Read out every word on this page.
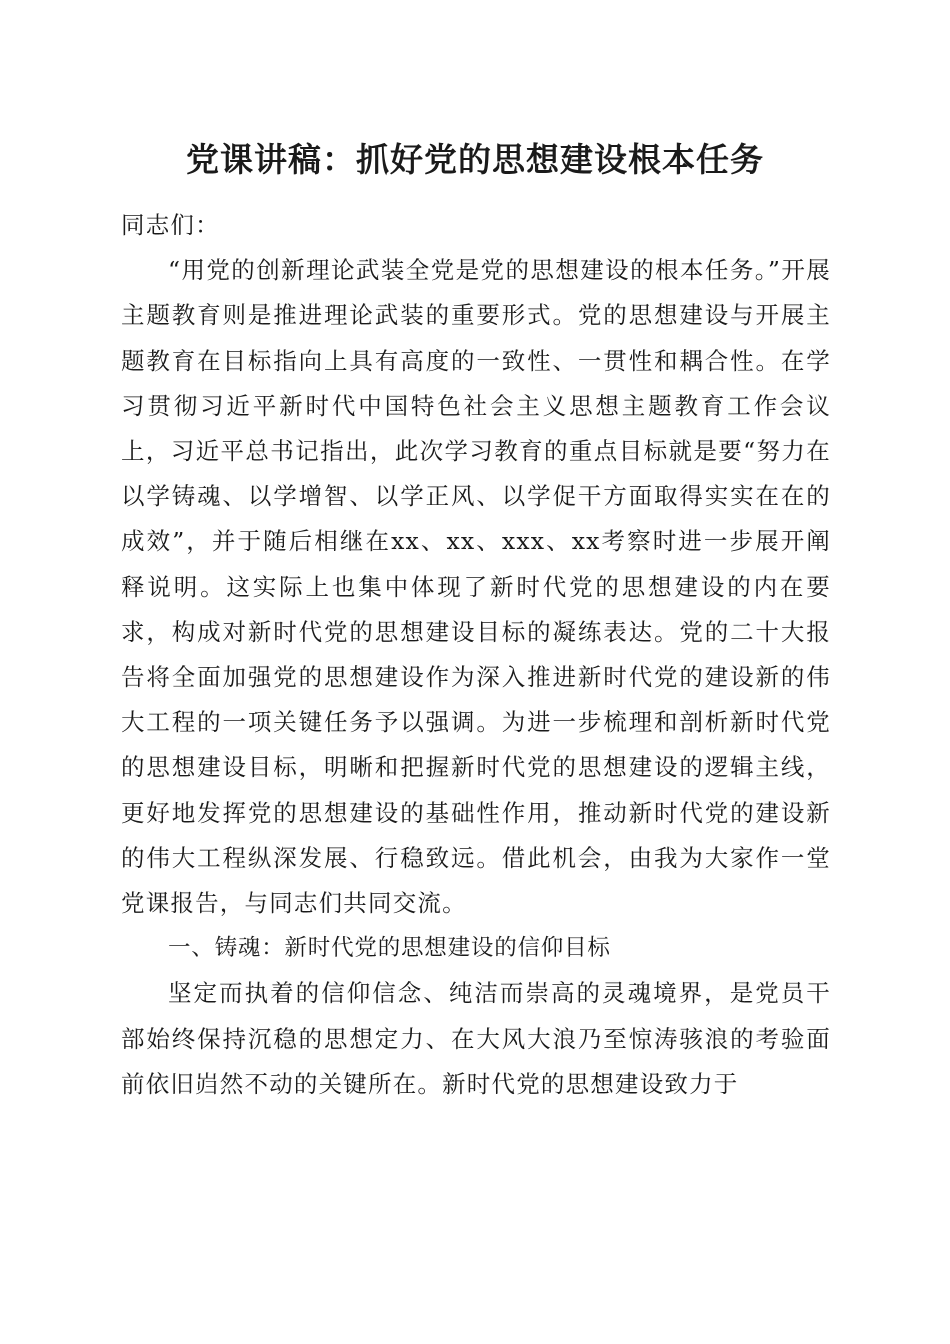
党课讲稿：抓好党的思想建设根本任务

同志们：

“用党的创新理论武装全党是党的思想建设的根本任务。”开展主题教育则是推进理论武装的重要形式。党的思想建设与开展主题教育在目标指向上具有高度的一致性、一贯性和耦合性。在学习贯彻习近平新时代中国特色社会主义思想主题教育工作会议上，习近平总书记指出，此次学习教育的重点目标就是要“努力在以学铸魂、以学增智、以学正风、以学促干方面取得实实在在的成效”，并于随后相继在xx、xx、xxx、xx考察时进一步展开阐释说明。这实际上也集中体现了新时代党的思想建设的内在要求，构成对新时代党的思想建设目标的凝练表达。党的二十大报告将全面加强党的思想建设作为深入推进新时代党的建设新的伟大工程的一项关键任务予以强调。为进一步梳理和剖析新时代党的思想建设目标，明晰和把握新时代党的思想建设的逻辑主线，更好地发挥党的思想建设的基础性作用，推动新时代党的建设新的伟大工程纵深发展、行稳致远。借此机会，由我为大家作一堂党课报告，与同志们共同交流。

一、铸魂：新时代党的思想建设的信仰目标

坚定而执着的信仰信念、纯洁而崇高的灵魂境界，是党员干部始终保持沉稳的思想定力、在大风大浪乃至惊涛骇浪的考验面前依旧岿然不动的关键所在。新时代党的思想建设致力于
